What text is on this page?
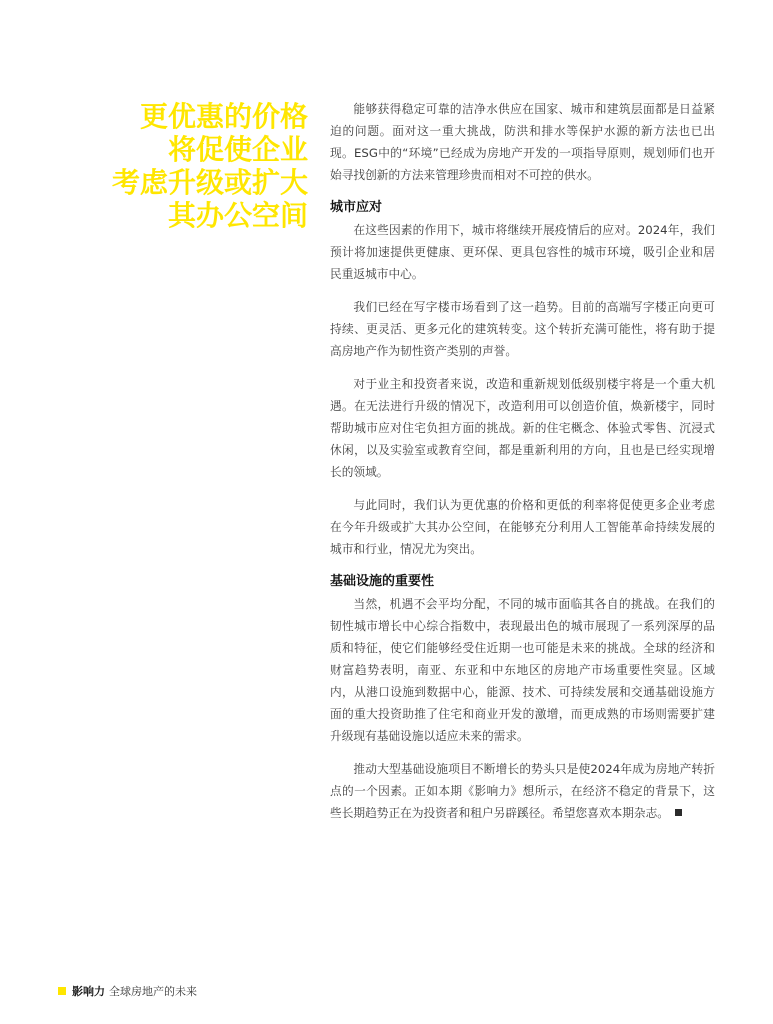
更优惠的价格
将促使企业
考虑升级或扩大
其办公空间

能够获得稳定可靠的洁净水供应在国家、城市和建筑层面都是日益紧迫的问题。面对这一重大挑战，防洪和排水等保护水源的新方法也已出现。ESG中的“环境”已经成为房地产开发的一项指导原则，规划师们也开始寻找创新的方法来管理珍贵而相对不可控的供水。

城市应对

在这些因素的作用下，城市将继续开展疫情后的应对。2024年，我们预计将加速提供更健康、更环保、更具包容性的城市环境，吸引企业和居民重返城市中心。

我们已经在写字楼市场看到了这一趋势。目前的高端写字楼正向更可持续、更灵活、更多元化的建筑转变。这个转折充满可能性，将有助于提高房地产作为韧性资产类别的声誉。

对于业主和投资者来说，改造和重新规划低级别楼宇将是一个重大机遇。在无法进行升级的情况下，改造利用可以创造价值，焕新楼宇，同时帮助城市应对住宅负担方面的挑战。新的住宅概念、体验式零售、沉浸式休闲，以及实验室或教育空间，都是重新利用的方向，且也是已经实现增长的领域。

与此同时，我们认为更优惠的价格和更低的利率将促使更多企业考虑在今年升级或扩大其办公空间，在能够充分利用人工智能革命持续发展的城市和行业，情况尤为突出。

基础设施的重要性

当然，机遇不会平均分配，不同的城市面临其各自的挑战。在我们的韧性城市增长中心综合指数中，表现最出色的城市展现了一系列深厚的品质和特征，使它们能够经受住近期一也可能是未来的挑战。全球的经济和财富趋势表明，南亚、东亚和中东地区的房地产市场重要性突显。区域内，从港口设施到数据中心，能源、技术、可持续发展和交通基础设施方面的重大投资助推了住宅和商业开发的激增，而更成熟的市场则需要扩建升级现有基础设施以适应未来的需求。

推动大型基础设施项目不断增长的势头只是使2024年成为房地产转折点的一个因素。正如本期《影响力》想所示，在经济不稳定的背景下，这些长期趋势正在为投资者和租户另辟蹊径。希望您喜欢本期杂志。

影响力 全球房地产的未来
